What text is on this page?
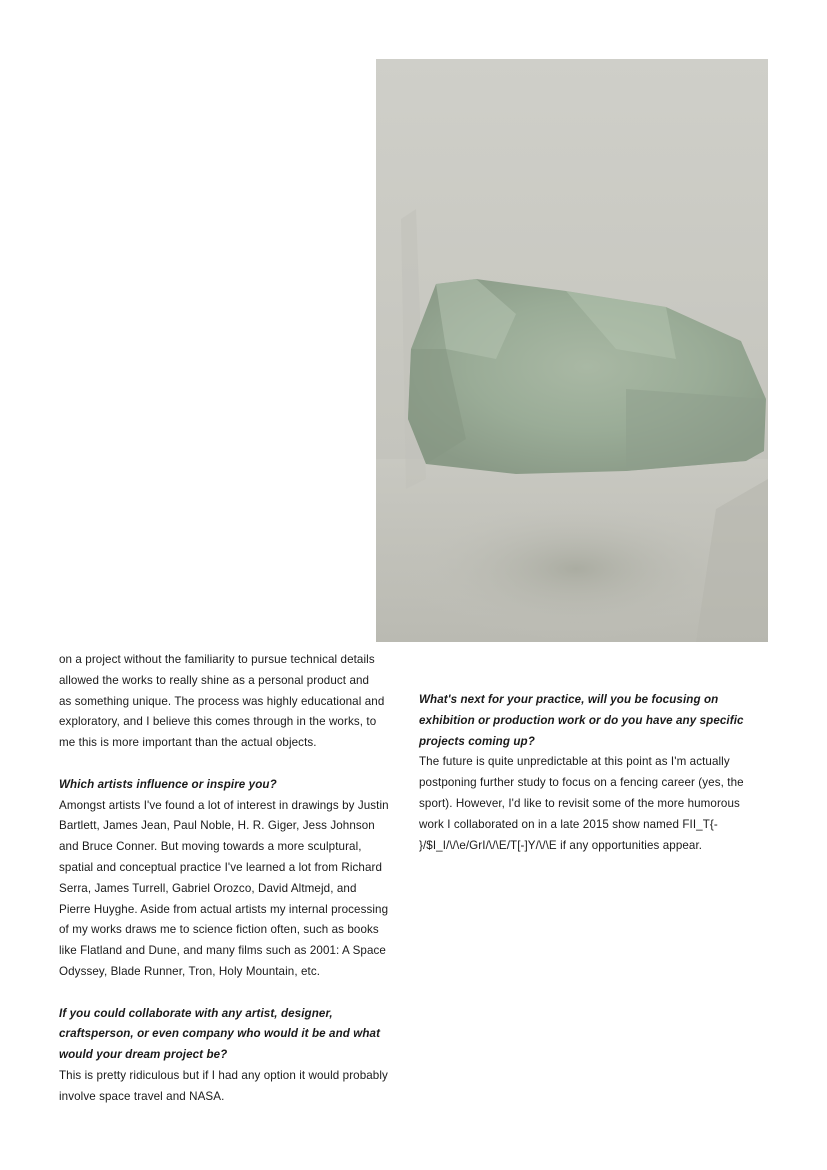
on a project without the familiarity to pursue technical details
allowed the works to really shine as a personal product and
as something unique. The process was highly educational and
exploratory, and I believe this comes through in the works, to
me this is more important than the actual objects.
Which artists influence or inspire you?
Amongst artists I've found a lot of interest in drawings by Justin
Bartlett, James Jean, Paul Noble, H. R. Giger, Jess Johnson
and Bruce Conner. But moving towards a more sculptural,
spatial and conceptual practice I've learned a lot from Richard
Serra, James Turrell, Gabriel Orozco, David Altmejd, and
Pierre Huyghe. Aside from actual artists my internal processing
of my works draws me to science fiction often, such as books
like Flatland and Dune, and many films such as 2001: A Space
Odyssey, Blade Runner, Tron, Holy Mountain, etc.
If you could collaborate with any artist, designer,
craftsperson, or even company who would it be and what
would your dream project be?
This is pretty ridiculous but if I had any option it would probably
involve space travel and NASA.
What's next for your practice, will you be focusing on
exhibition or production work or do you have any specific
projects coming up?
The future is quite unpredictable at this point as I'm actually
postponing further study to focus on a fencing career (yes, the
sport). However, I'd like to revisit some of the more humorous
work I collaborated on in a late 2015 show named FII_T{-
}/$I_I/\/\e/GrI/\/\E/T[-]Y/\/\E if any opportunities appear.
